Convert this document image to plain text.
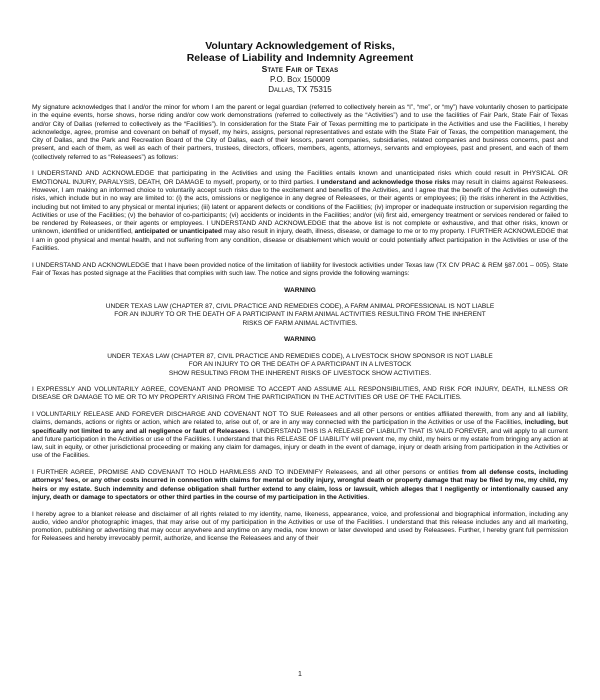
Voluntary Acknowledgement of Risks,

Release of Liability and Indemnity Agreement

State Fair of Texas

P.O. Box 150009

Dallas, TX 75315

My signature acknowledges that I and/or the minor for whom I am the parent or legal guardian (referred to collectively herein as “I”, “me”, or “my”) have voluntarily chosen to participate in the equine events, horse shows, horse riding and/or cow work demonstrations (referred to collectively as the “Activities”) and to use the facilities of Fair Park, State Fair of Texas and/or City of Dallas (referred to collectively as the “Facilities”). In consideration for the State Fair of Texas permitting me to participate in the Activities and use the Facilities, I hereby acknowledge, agree, promise and covenant on behalf of myself, my heirs, assigns, personal representatives and estate with the State Fair of Texas, the competition management, the City of Dallas, and the Park and Recreation Board of the City of Dallas, each of their lessors, parent companies, subsidiaries, related companies and business concerns, past and present, and each of them, as well as each of their partners, trustees, directors, officers, members, agents, attorneys, servants and employees, past and present, and each of them (collectively referred to as “Releasees”) as follows:

I UNDERSTAND AND ACKNOWLEDGE that participating in the Activities and using the Facilities entails known and unanticipated risks which could result in PHYSICAL OR EMOTIONAL INJURY, PARALYSIS, DEATH, OR DAMAGE to myself, property, or to third parties. I understand and acknowledge those risks may result in claims against Releasees. However, I am making an informed choice to voluntarily accept such risks due to the excitement and benefits of the Activities, and I agree that the benefit of the Activities outweigh the risks, which include but in no way are limited to: (i) the acts, omissions or negligence in any degree of Releasees, or their agents or employees; (ii) the risks inherent in the Activities, including but not limited to any physical or mental injuries; (iii) latent or apparent defects or conditions of the Facilities; (iv) improper or inadequate instruction or supervision regarding the Activities or use of the Facilities; (v) the behavior of co-participants; (vi) accidents or incidents in the Facilities; and/or (vii) first aid, emergency treatment or services rendered or failed to be rendered by Releasees, or their agents or employees. I UNDERSTAND AND ACKNOWLEDGE that the above list is not complete or exhaustive, and that other risks, known or unknown, identified or unidentified, anticipated or unanticipated may also result in injury, death, illness, disease, or damage to me or to my property. I FURTHER ACKNOWLEDGE that I am in good physical and mental health, and not suffering from any condition, disease or disablement which would or could potentially affect participation in the Activities or use of the Facilities.

I UNDERSTAND AND ACKNOWLEDGE that I have been provided notice of the limitation of liability for livestock activities under Texas law (TX CIV PRAC & REM §87.001 – 005). State Fair of Texas has posted signage at the Facilities that complies with such law. The notice and signs provide the following warnings:

WARNING

UNDER TEXAS LAW (CHAPTER 87, CIVIL PRACTICE AND REMEDIES CODE), A FARM ANIMAL PROFESSIONAL IS NOT LIABLE
FOR AN INJURY TO OR THE DEATH OF A PARTICIPANT IN FARM ANIMAL ACTIVITIES RESULTING FROM THE INHERENT
RISKS OF FARM ANIMAL ACTIVITIES.

WARNING

UNDER TEXAS LAW (CHAPTER 87, CIVIL PRACTICE AND REMEDIES CODE), A LIVESTOCK SHOW SPONSOR IS NOT LIABLE
FOR AN INJURY TO OR THE DEATH OF A PARTICIPANT IN A LIVESTOCK
SHOW RESULTING FROM THE INHERENT RISKS OF LIVESTOCK SHOW ACTIVITIES.

I EXPRESSLY AND VOLUNTARILY AGREE, COVENANT AND PROMISE TO ACCEPT AND ASSUME ALL RESPONSIBILITIES, AND RISK FOR INJURY, DEATH, ILLNESS OR DISEASE OR DAMAGE TO ME OR TO MY PROPERTY ARISING FROM THE PARTICIPATION IN THE ACTIVITIES OR USE OF THE FACILITIES.

I VOLUNTARILY RELEASE AND FOREVER DISCHARGE AND COVENANT NOT TO SUE Releasees and all other persons or entities affiliated therewith, from any and all liability, claims, demands, actions or rights or action, which are related to, arise out of, or are in any way connected with the participation in the Activities or use of the Facilities, including, but specifically not limited to any and all negligence or fault of Releasees. I UNDERSTAND THIS IS A RELEASE OF LIABILITY THAT IS VALID FOREVER, and will apply to all current and future participation in the Activities or use of the Facilities. I understand that this RELEASE OF LIABILITY will prevent me, my child, my heirs or my estate from bringing any action at law, suit in equity, or other jurisdictional proceeding or making any claim for damages, injury or death in the event of damage, injury or death arising from participation in the Activities or use of the Facilities.

I FURTHER AGREE, PROMISE AND COVENANT TO HOLD HARMLESS AND TO INDEMNIFY Releasees, and all other persons or entities from all defense costs, including attorneys’ fees, or any other costs incurred in connection with claims for mental or bodily injury, wrongful death or property damage that may be filed by me, my child, my heirs or my estate. Such indemnity and defense obligation shall further extend to any claim, loss or lawsuit, which alleges that I negligently or intentionally caused any injury, death or damage to spectators or other third parties in the course of my participation in the Activities.

I hereby agree to a blanket release and disclaimer of all rights related to my identity, name, likeness, appearance, voice, and professional and biographical information, including any audio, video and/or photographic images, that may arise out of my participation in the Activities or use of the Facilities. I understand that this release includes any and all marketing, promotion, publishing or advertising that may occur anywhere and anytime on any media, now known or later developed and used by Releasees. Further, I hereby grant full permission for Releasees and hereby irrevocably permit, authorize, and license the Releasees and any of their

1
